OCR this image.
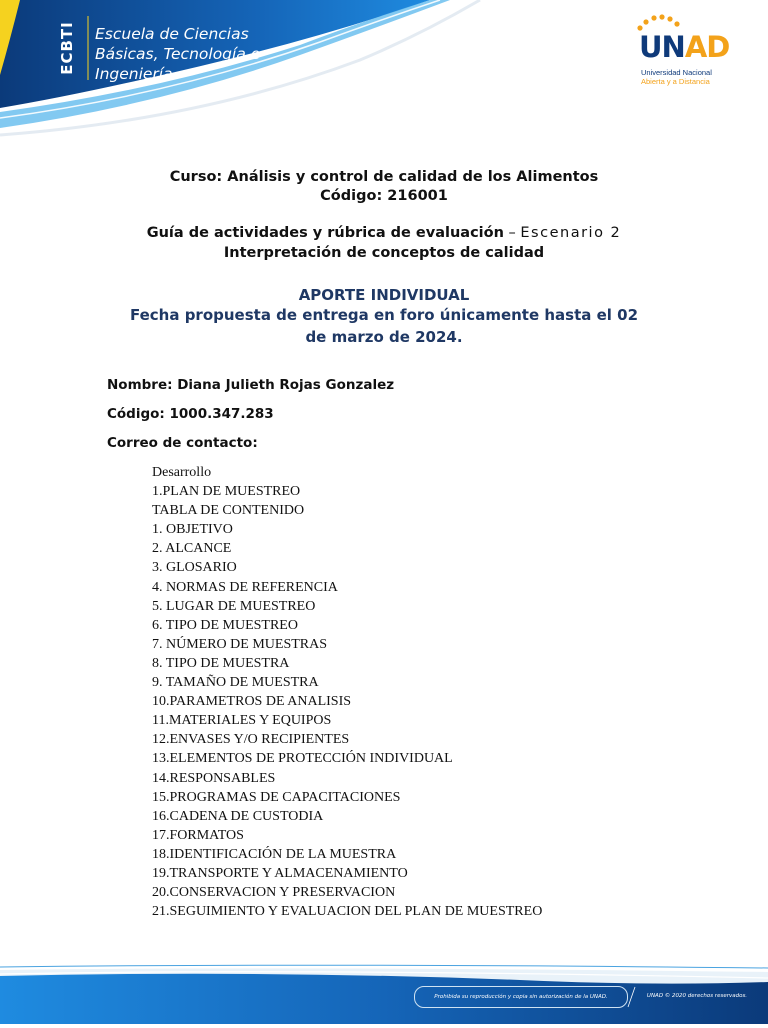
ECBTI Escuela de Ciencias
Básicas, Tecnología e
Ingeniería
UNAD
Universidad Nacional
Abierta y a Distancia
Curso: Análisis y control de calidad de los Alimentos
Código: 216001
Guía de actividades y rúbrica de evaluación – Escenario 2
Interpretación de conceptos de calidad
APORTE INDIVIDUAL
Fecha propuesta de entrega en foro únicamente hasta el 02
de marzo de 2024.
Nombre: Diana Julieth Rojas Gonzalez
Código: 1000.347.283
Correo de contacto:
Desarrollo
1.PLAN DE MUESTREO
TABLA DE CONTENIDO
1. OBJETIVO
2. ALCANCE
3. GLOSARIO
4. NORMAS DE REFERENCIA
5. LUGAR DE MUESTREO
6. TIPO DE MUESTREO
7. NÚMERO DE MUESTRAS
8. TIPO DE MUESTRA
9. TAMAÑO DE MUESTRA
10.PARAMETROS DE ANALISIS
11.MATERIALES Y EQUIPOS
12.ENVASES Y/O RECIPIENTES
13.ELEMENTOS DE PROTECCIÓN INDIVIDUAL
14.RESPONSABLES
15.PROGRAMAS DE CAPACITACIONES
16.CADENA DE CUSTODIA
17.FORMATOS
18.IDENTIFICACIÓN DE LA MUESTRA
19.TRANSPORTE Y ALMACENAMIENTO
20.CONSERVACION Y PRESERVACION
21.SEGUIMIENTO Y EVALUACION DEL PLAN DE MUESTREO
Prohibida su reproducción y copia sin autorización de la UNAD.	UNAD © 2020 derechos reservados.
